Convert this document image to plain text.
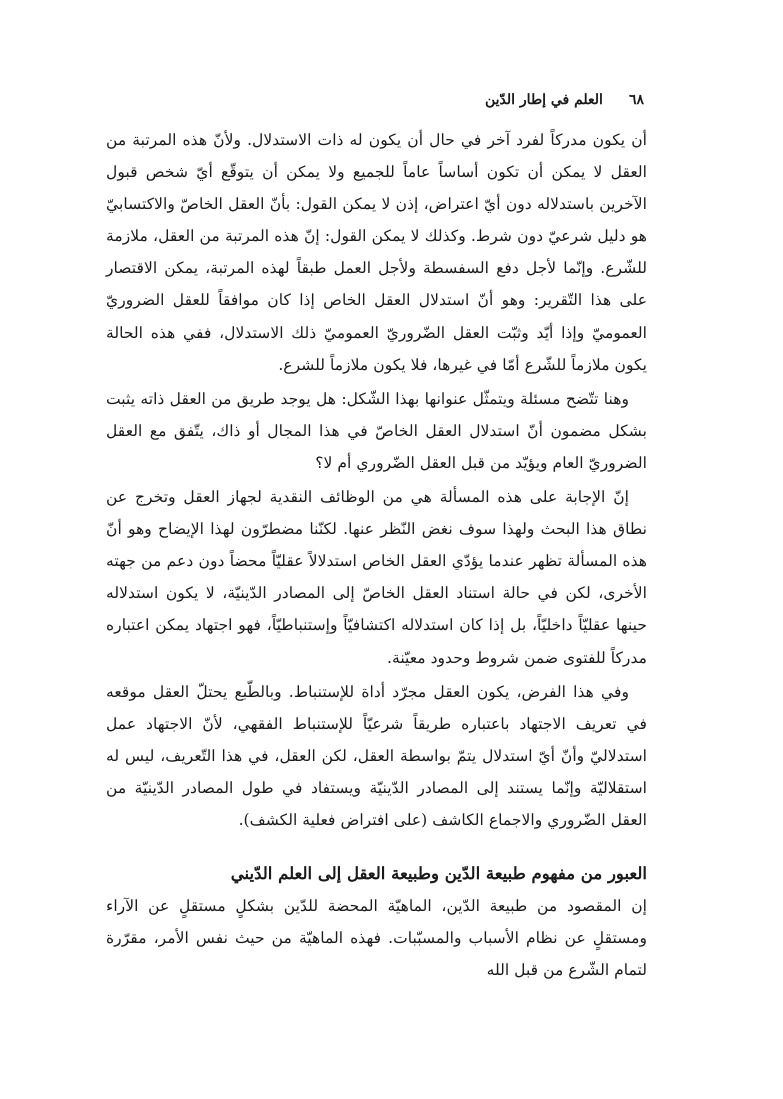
٦٨
العلم في إطار الدّين

أن يكون مدركاً لفرد آخر في حال أن يكون له ذات الاستدلال. ولأنّ هذه المرتبة من العقل لا يمكن أن تكون أساساً عاماً للجميع ولا يمكن أن يتوقّع أيّ شخص قبول الآخرين باستدلاله دون أيّ اعتراض، إذن لا يمكن القول: بأنّ العقل الخاصّ والاكتسابيّ هو دليل شرعيّ دون شرط. وكذلك لا يمكن القول: إنّ هذه المرتبة من العقل، ملازمة للشّرع. وإنّما لأجل دفع السفسطة ولأجل العمل طبقاً لهذه المرتبة، يمكن الاقتصار على هذا التّقرير: وهو أنّ استدلال العقل الخاص إذا كان موافقاً للعقل الضروريّ العموميّ وإذا أيّد وثبّت العقل الضّروريّ العموميّ ذلك الاستدلال، ففي هذه الحالة يكون ملازماً للشّرع أمّا في غيرها، فلا يكون ملازماً للشرع.

وهنا تتّضح مسئلة ويتمثّل عنوانها بهذا الشّكل: هل يوجد طريق من العقل ذاته يثبت بشكل مضمون أنّ استدلال العقل الخاصّ في هذا المجال أو ذاك، يتّفق مع العقل الضروريّ العام ويؤيّد من قبل العقل الضّروري أم لا؟

إنّ الإجابة على هذه المسألة هي من الوظائف النقدية لجهاز العقل وتخرج عن نطاق هذا البحث ولهذا سوف نغض النّظر عنها. لكنّنا مضطرّون لهذا الإيضاح وهو أنّ هذه المسألة تظهر عندما يؤدّي العقل الخاص استدلالاً عقليّاً محضاً دون دعم من جهته الأخرى، لكن في حالة استناد العقل الخاصّ إلى المصادر الدّينيّة، لا يكون استدلاله حينها عقليّاً داخليّاً، بل إذا كان استدلاله اكتشافيّاً وإستنباطيّاً، فهو اجتهاد يمكن اعتباره مدركاً للفتوى ضمن شروط وحدود معيّنة.

وفي هذا الفرض، يكون العقل مجرّد أداة للإستنباط. وبالطّبع يحتلّ العقل موقعه في تعريف الاجتهاد باعتباره طريقاً شرعيّاً للإستنباط الفقهي، لأنّ الاجتهاد عمل استدلاليّ وأنّ أيّ استدلال يتمّ بواسطة العقل، لكن العقل، في هذا التّعريف، ليس له استقلاليّة وإنّما يستند إلى المصادر الدّينيّة ويستفاد في طول المصادر الدّينيّة من العقل الضّروري والاجماع الكاشف (على افتراض فعلية الكشف).

العبور من مفهوم طبيعة الدّين وطبيعة العقل إلى العلم الدّيني

إن المقصود من طبيعة الدّين، الماهيّة المحضة للدّين بشكلٍ مستقلٍ عن الآراء ومستقلٍ عن نظام الأسباب والمسبّبات. فهذه الماهيّة من حيث نفس الأمر، مقرّرة لتمام الشّرع من قبل الله
